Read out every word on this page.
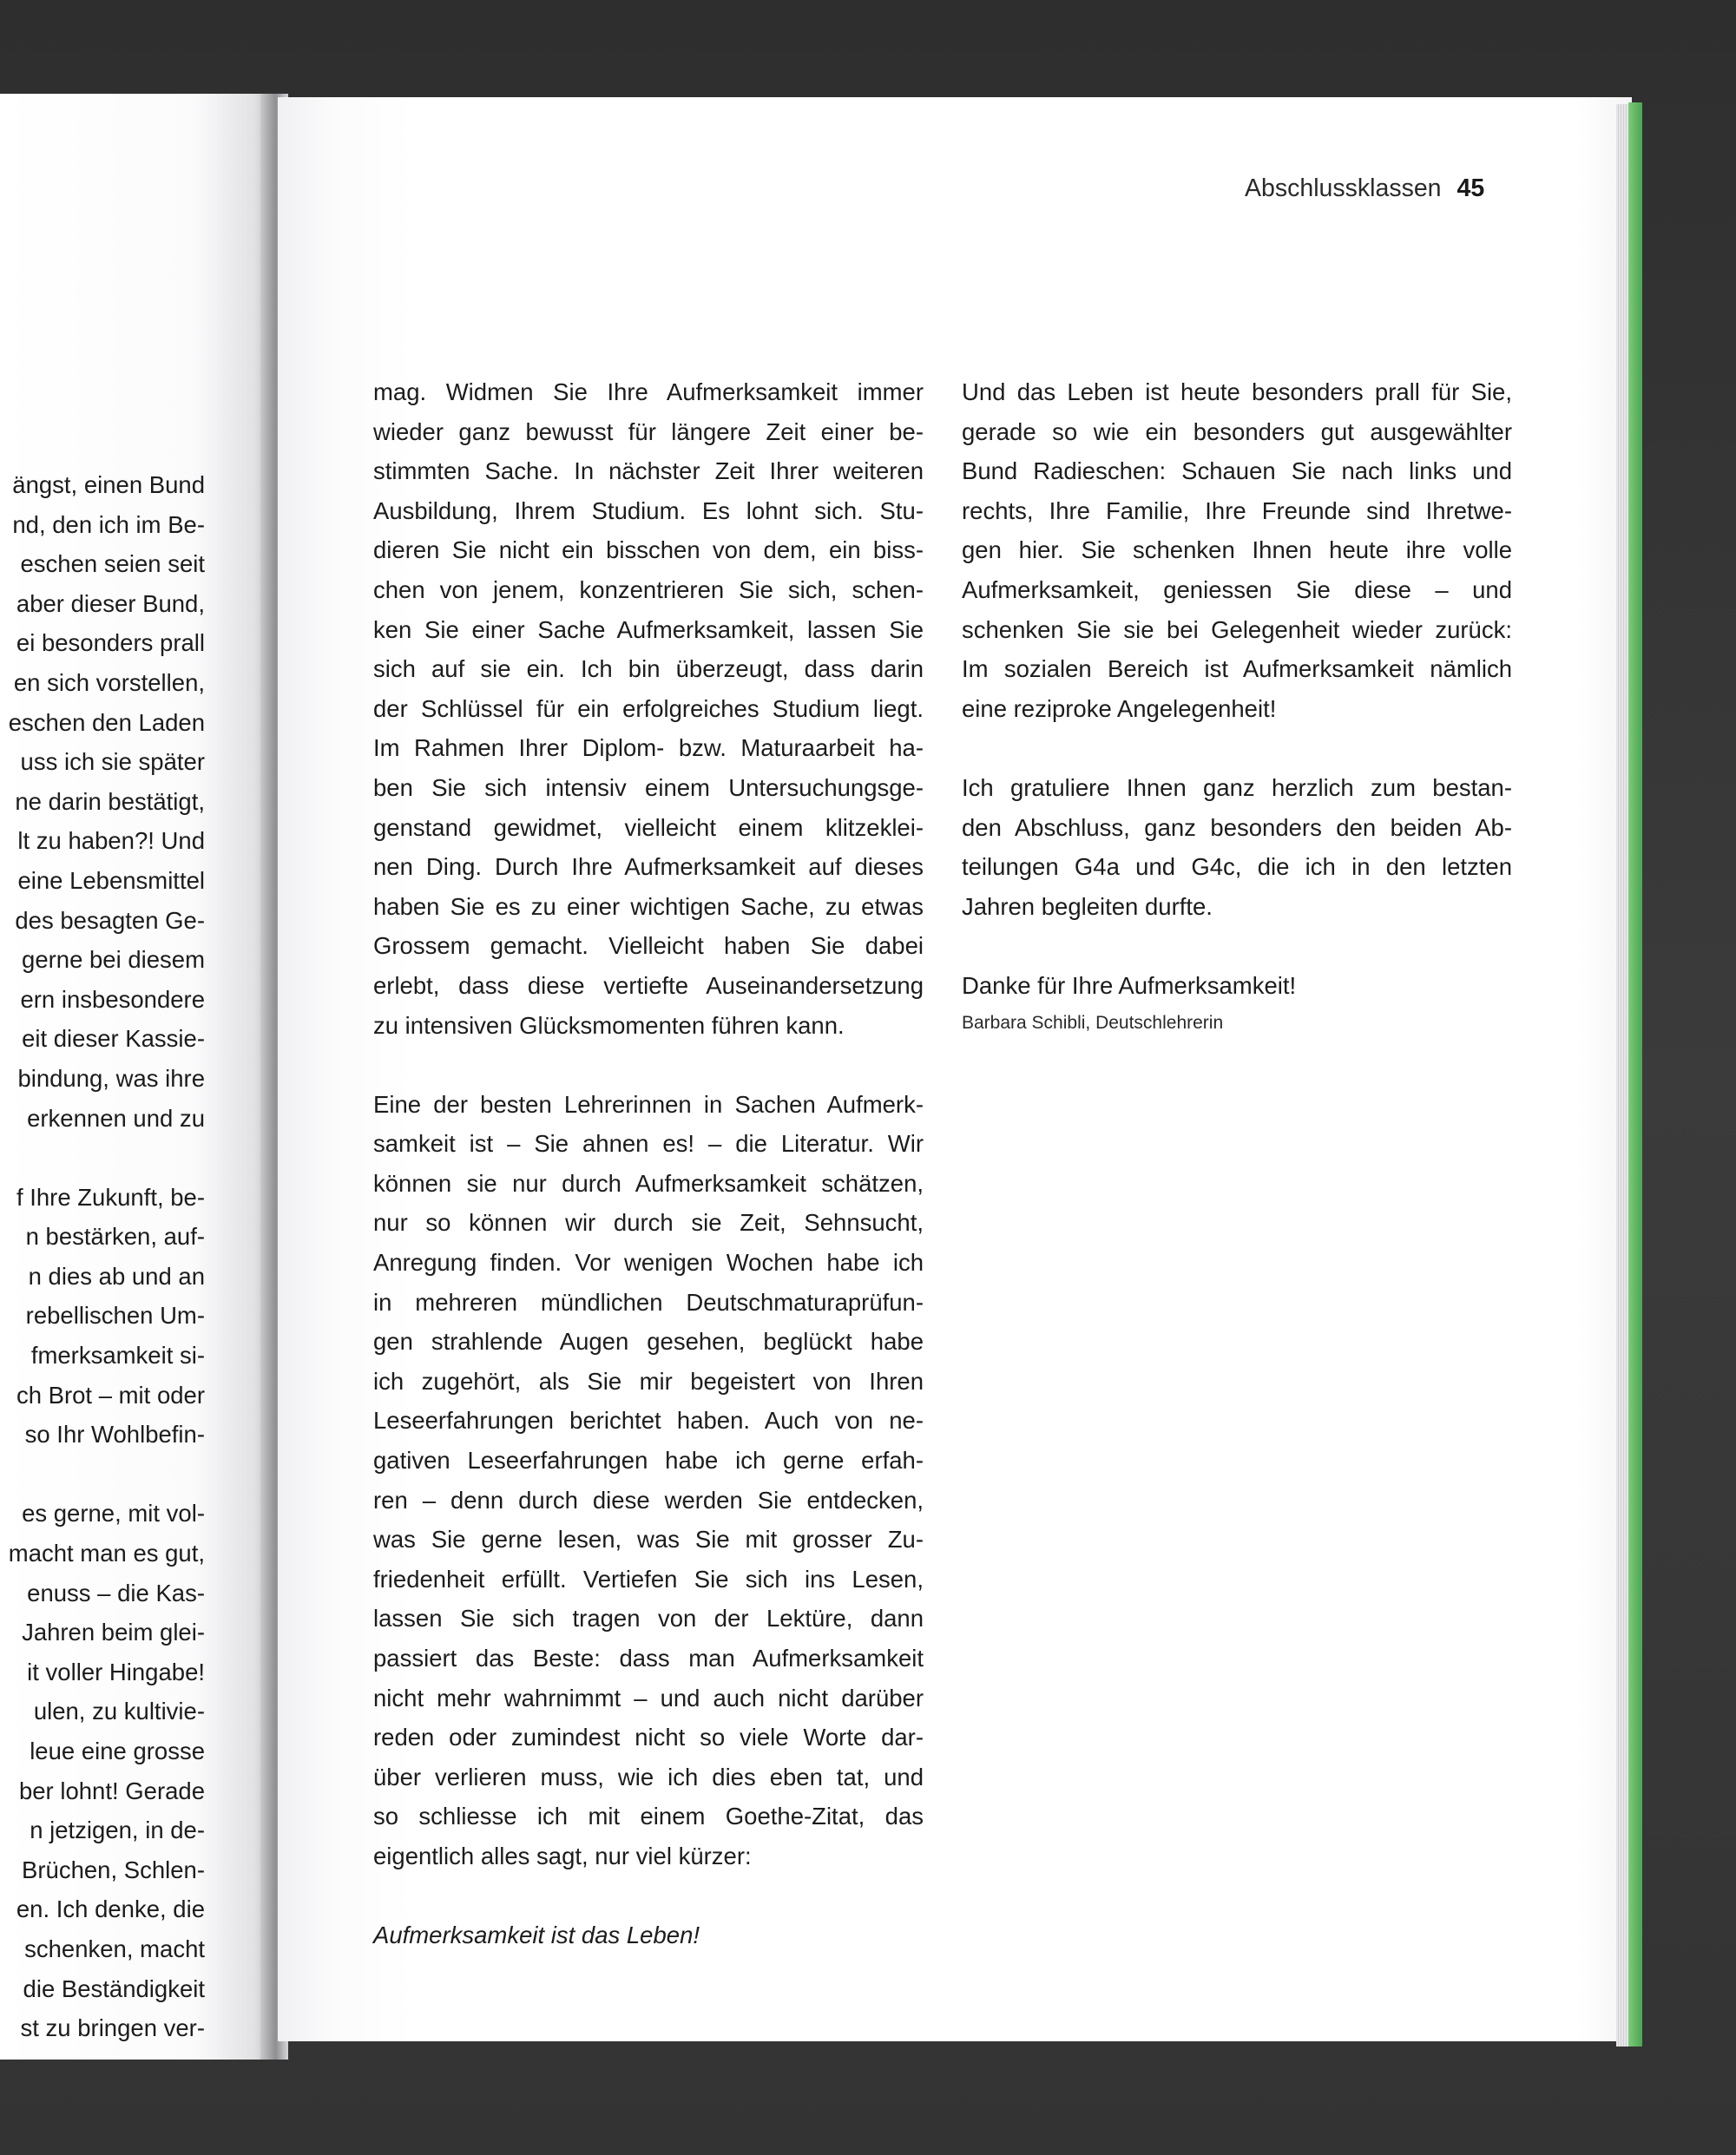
ängst, einen Bund
nd, den ich im Be-
eschen seien seit
aber dieser Bund,
ei besonders prall
en sich vorstellen,
eschen den Laden
uss ich sie später
ne darin bestätigt,
lt zu haben?! Und
eine Lebensmittel
des besagten Ge-
gerne bei diesem
ern insbesondere
eit dieser Kassie-
bindung, was ihre
erkennen und zu
f Ihre Zukunft, be-
n bestärken, auf-
n dies ab und an
rebellischen Um-
fmerksamkeit si-
ch Brot – mit oder
so Ihr Wohlbefin-
es gerne, mit vol-
macht man es gut,
enuss – die Kas-
Jahren beim glei-
it voller Hingabe!
ulen, zu kultivie-
leue eine grosse
ber lohnt! Gerade
n jetzigen, in de-
Brüchen, Schlen-
en. Ich denke, die
schenken, macht
die Beständigkeit
st zu bringen ver-
Abschlussklassen 45
mag. Widmen Sie Ihre Aufmerksamkeit immer
wieder ganz bewusst für längere Zeit einer be-
stimmten Sache. In nächster Zeit Ihrer weiteren
Ausbildung, Ihrem Studium. Es lohnt sich. Stu-
dieren Sie nicht ein bisschen von dem, ein biss-
chen von jenem, konzentrieren Sie sich, schen-
ken Sie einer Sache Aufmerksamkeit, lassen Sie
sich auf sie ein. Ich bin überzeugt, dass darin
der Schlüssel für ein erfolgreiches Studium liegt.
Im Rahmen Ihrer Diplom- bzw. Maturaarbeit ha-
ben Sie sich intensiv einem Untersuchungsge-
genstand gewidmet, vielleicht einem klitzeklei-
nen Ding. Durch Ihre Aufmerksamkeit auf dieses
haben Sie es zu einer wichtigen Sache, zu etwas
Grossem gemacht. Vielleicht haben Sie dabei
erlebt, dass diese vertiefte Auseinandersetzung
zu intensiven Glücksmomenten führen kann.
Eine der besten Lehrerinnen in Sachen Aufmerk-
samkeit ist – Sie ahnen es! – die Literatur. Wir
können sie nur durch Aufmerksamkeit schätzen,
nur so können wir durch sie Zeit, Sehnsucht,
Anregung finden. Vor wenigen Wochen habe ich
in mehreren mündlichen Deutschmaturaprüfun-
gen strahlende Augen gesehen, beglückt habe
ich zugehört, als Sie mir begeistert von Ihren
Leseerfahrungen berichtet haben. Auch von ne-
gativen Leseerfahrungen habe ich gerne erfah-
ren – denn durch diese werden Sie entdecken,
was Sie gerne lesen, was Sie mit grosser Zu-
friedenheit erfüllt. Vertiefen Sie sich ins Lesen,
lassen Sie sich tragen von der Lektüre, dann
passiert das Beste: dass man Aufmerksamkeit
nicht mehr wahrnimmt – und auch nicht darüber
reden oder zumindest nicht so viele Worte dar-
über verlieren muss, wie ich dies eben tat, und
so schliesse ich mit einem Goethe-Zitat, das
eigentlich alles sagt, nur viel kürzer:
Aufmerksamkeit ist das Leben!
Und das Leben ist heute besonders prall für Sie,
gerade so wie ein besonders gut ausgewählter
Bund Radieschen: Schauen Sie nach links und
rechts, Ihre Familie, Ihre Freunde sind Ihretwe-
gen hier. Sie schenken Ihnen heute ihre volle
Aufmerksamkeit, geniessen Sie diese – und
schenken Sie sie bei Gelegenheit wieder zurück:
Im sozialen Bereich ist Aufmerksamkeit nämlich
eine reziproke Angelegenheit!
Ich gratuliere Ihnen ganz herzlich zum bestan-
den Abschluss, ganz besonders den beiden Ab-
teilungen G4a und G4c, die ich in den letzten
Jahren begleiten durfte.
Danke für Ihre Aufmerksamkeit!
Barbara Schibli, Deutschlehrerin
